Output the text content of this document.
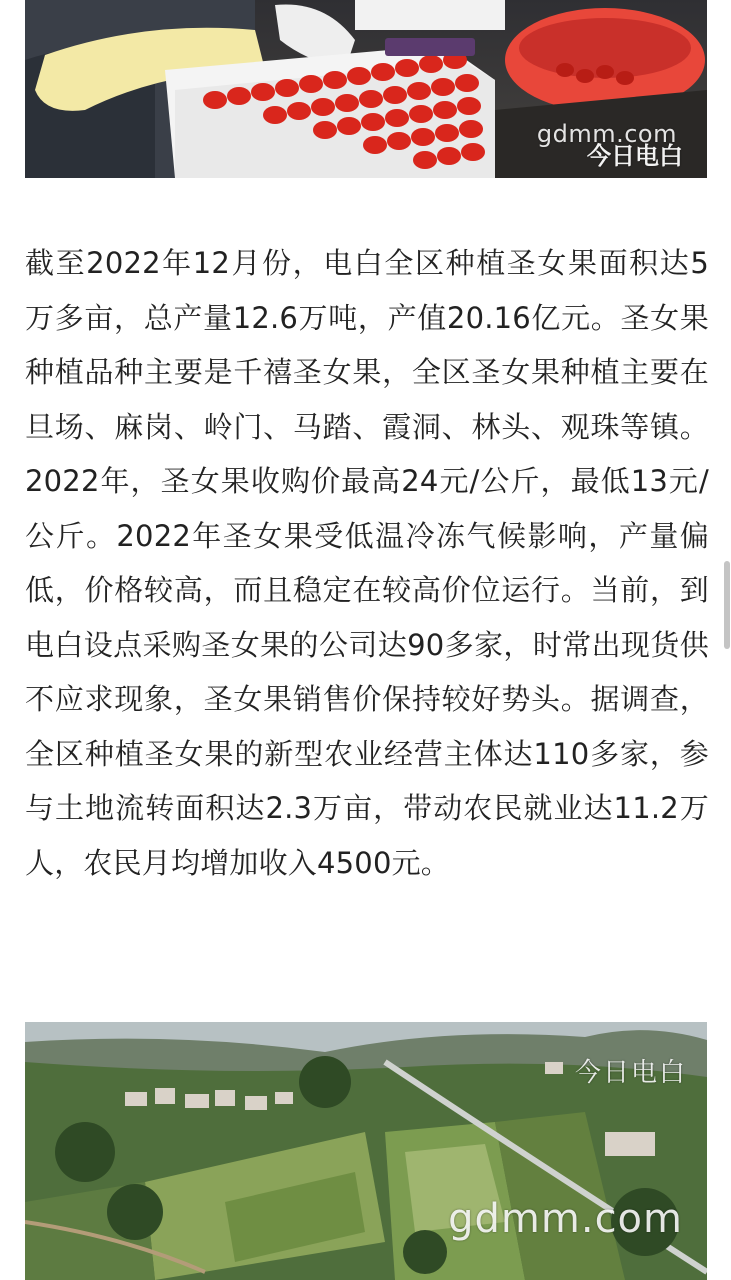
gdmm.com
今日电白

截至2022年12月份，电白全区种植圣女果面积达5万多亩，总产量12.6万吨，产值20.16亿元。圣女果种植品种主要是千禧圣女果，全区圣女果种植主要在旦场、麻岗、岭门、马踏、霞洞、林头、观珠等镇。2022年，圣女果收购价最高24元/公斤，最低13元/公斤。2022年圣女果受低温冷冻气候影响，产量偏低，价格较高，而且稳定在较高价位运行。当前，到电白设点采购圣女果的公司达90多家，时常出现货供不应求现象，圣女果销售价保持较好势头。据调查，全区种植圣女果的新型农业经营主体达110多家，参与土地流转面积达2.3万亩，带动农民就业达11.2万人，农民月均增加收入4500元。

今日电白
gdmm.com
